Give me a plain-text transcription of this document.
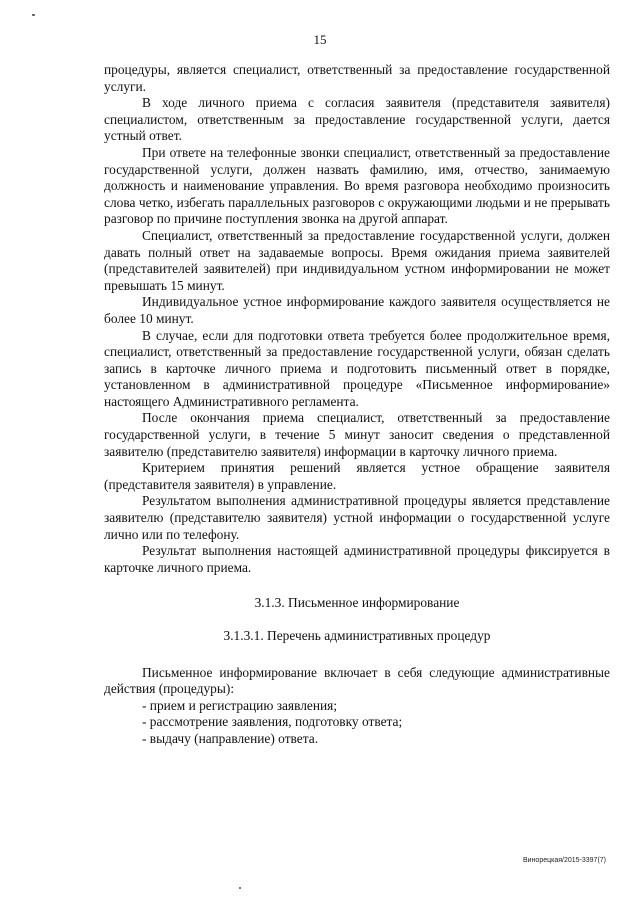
15

процедуры, является специалист, ответственный за предоставление государственной услуги.

В ходе личного приема с согласия заявителя (представителя заявителя) специалистом, ответственным за предоставление государственной услуги, дается устный ответ.

При ответе на телефонные звонки специалист, ответственный за предоставление государственной услуги, должен назвать фамилию, имя, отчество, занимаемую должность и наименование управления. Во время разговора необходимо произносить слова четко, избегать параллельных разговоров с окружающими людьми и не прерывать разговор по причине поступления звонка на другой аппарат.

Специалист, ответственный за предоставление государственной услуги, должен давать полный ответ на задаваемые вопросы. Время ожидания приема заявителей (представителей заявителей) при индивидуальном устном информировании не может превышать 15 минут.

Индивидуальное устное информирование каждого заявителя осуществляется не более 10 минут.

В случае, если для подготовки ответа требуется более продолжительное время, специалист, ответственный за предоставление государственной услуги, обязан сделать запись в карточке личного приема и подготовить письменный ответ в порядке, установленном в административной процедуре «Письменное информирование» настоящего Административного регламента.

После окончания приема специалист, ответственный за предоставление государственной услуги, в течение 5 минут заносит сведения о представленной заявителю (представителю заявителя) информации в карточку личного приема.

Критерием принятия решений является устное обращение заявителя (представителя заявителя) в управление.

Результатом выполнения административной процедуры является представление заявителю (представителю заявителя) устной информации о государственной услуге лично или по телефону.

Результат выполнения настоящей административной процедуры фиксируется в карточке личного приема.

3.1.3. Письменное информирование

3.1.3.1. Перечень административных процедур

Письменное информирование включает в себя следующие административные действия (процедуры):

- прием и регистрацию заявления;

- рассмотрение заявления, подготовку ответа;

- выдачу (направление) ответа.

Винорецкая/2015-3397(7)
